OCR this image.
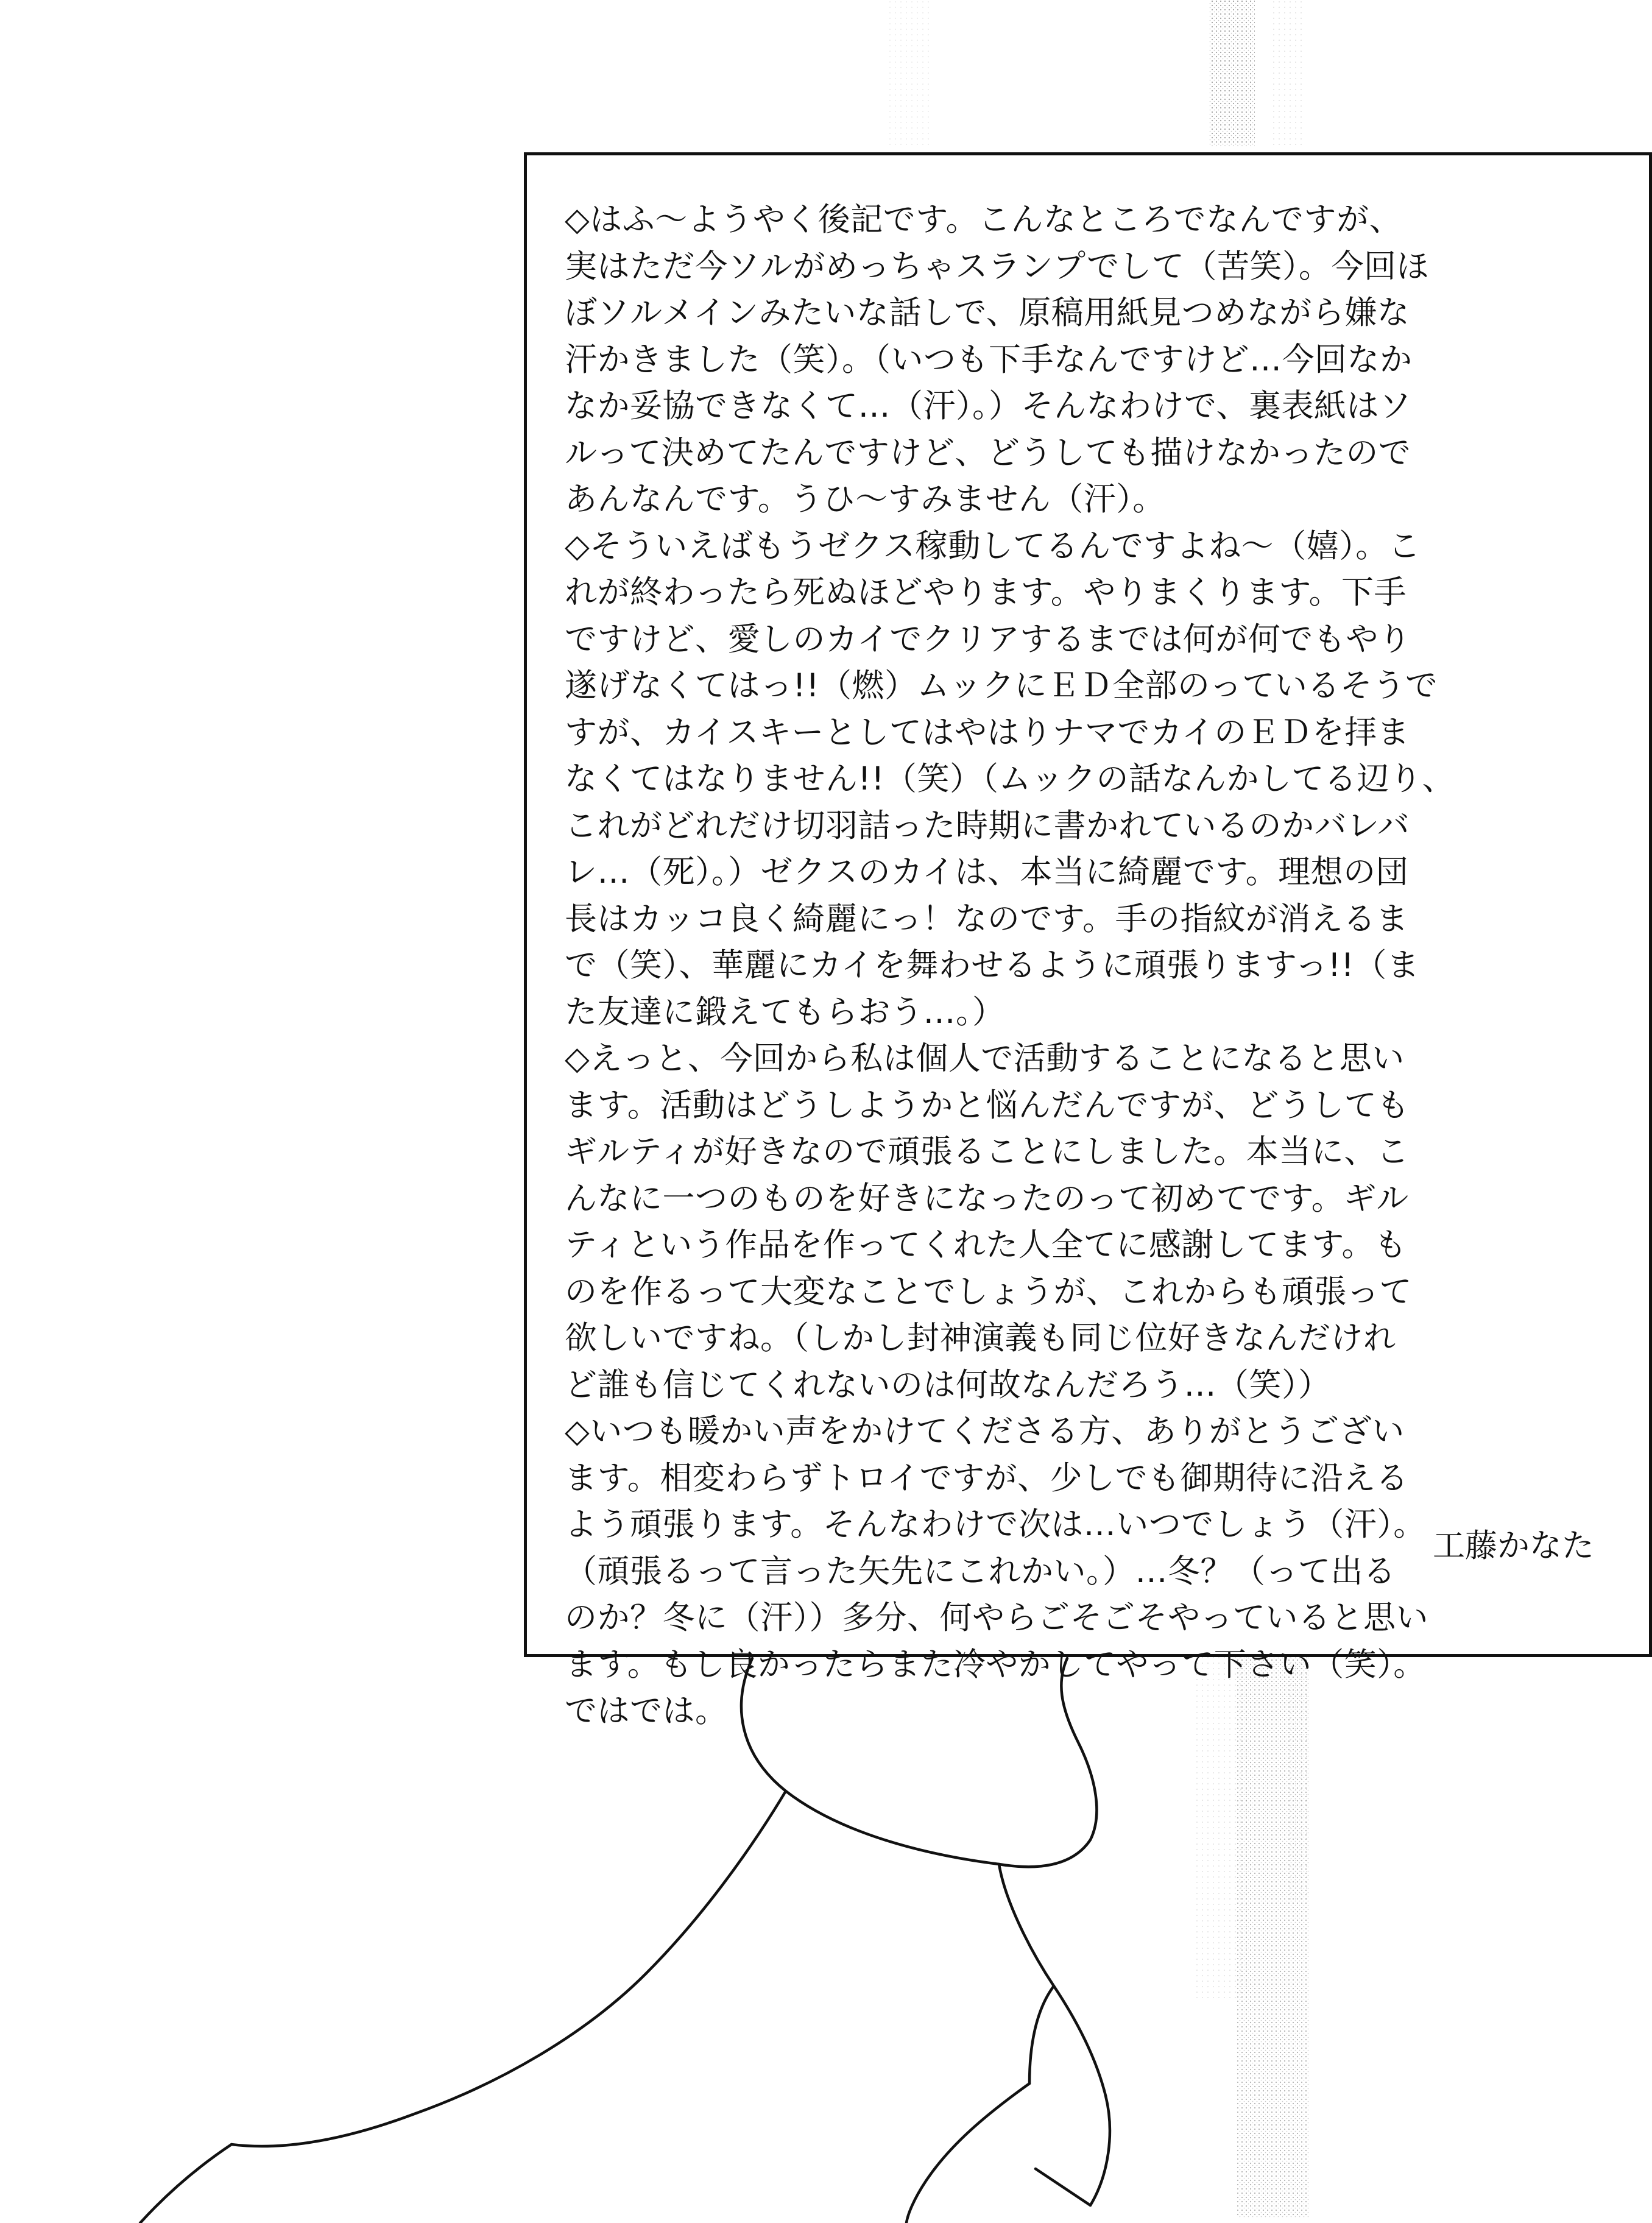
◇はふ～ようやく後記です。こんなところでなんですが、
実はただ今ソルがめっちゃスランプでして（苦笑）。今回ほ
ぼソルメインみたいな話しで、原稿用紙見つめながら嫌な
汗かきました（笑）。（いつも下手なんですけど…今回なか
なか妥協できなくて…（汗）。）そんなわけで、裏表紙はソ
ルって決めてたんですけど、どうしても描けなかったので
あんなんです。うひ～すみません（汗）。
◇そういえばもうゼクス稼動してるんですよね～（嬉）。こ
れが終わったら死ぬほどやります。やりまくります。下手
ですけど、愛しのカイでクリアするまでは何が何でもやり
遂げなくてはっ!!（燃）ムックにＥＤ全部のっているそうで
すが、カイスキーとしてはやはりナマでカイのＥＤを拝ま
なくてはなりません!!（笑）（ムックの話なんかしてる辺り、
これがどれだけ切羽詰った時期に書かれているのかバレバ
レ…（死）。）ゼクスのカイは、本当に綺麗です。理想の団
長はカッコ良く綺麗にっ！なのです。手の指紋が消えるま
で（笑）、華麗にカイを舞わせるように頑張りますっ!!（ま
た友達に鍛えてもらおう…。）
◇えっと、今回から私は個人で活動することになると思い
ます。活動はどうしようかと悩んだんですが、どうしても
ギルティが好きなので頑張ることにしました。本当に、こ
んなに一つのものを好きになったのって初めてです。ギル
ティという作品を作ってくれた人全てに感謝してます。も
のを作るって大変なことでしょうが、これからも頑張って
欲しいですね。（しかし封神演義も同じ位好きなんだけれ
ど誰も信じてくれないのは何故なんだろう…（笑））
◇いつも暖かい声をかけてくださる方、ありがとうござい
ます。相変わらずトロイですが、少しでも御期待に沿える
よう頑張ります。そんなわけで次は…いつでしょう（汗）。
（頑張るって言った矢先にこれかい。）…冬？（って出る
のか？冬に（汗））多分、何やらごそごそやっていると思い
ます。もし良かったらまた冷やかしてやって下さい（笑）。
ではでは。
工藤かなた
